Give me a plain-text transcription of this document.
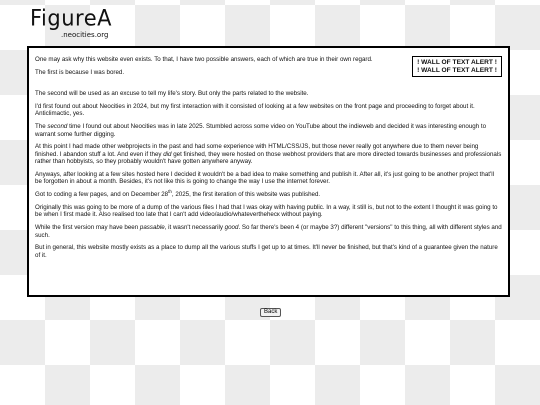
FigureA
.neocities.org
! WALL OF TEXT ALERT !
! WALL OF TEXT ALERT !

One may ask why this website even exists. To that, I have two possible answers, each of which are true in their own regard.

The first is because I was bored.

The second will be used as an excuse to tell my life's story. But only the parts related to the website.

I'd first found out about Neocities in 2024, but my first interaction with it consisted of looking at a few websites on the front page and proceeding to forget about it. Anticlimactic, yes.

The second time I found out about Neocities was in late 2025. Stumbled across some video on YouTube about the indieweb and decided it was interesting enough to warrant some further digging.

At this point I had made other webprojects in the past and had some experience with HTML/CSS/JS, but those never really got anywhere due to them never being finished. I abandon stuff a lot. And even if they did get finished, they were hosted on those webhost providers that are more directed towards businesses and professionals rather than hobbyists, so they probably wouldn't have gotten anywhere anyway.

Anyways, after looking at a few sites hosted here I decided it wouldn't be a bad idea to make something and publish it. After all, it's just going to be another project that'll be forgotten in about a month. Besides, it's not like this is going to change the way I use the internet forever.

Got to coding a few pages, and on December 28th, 2025, the first iteration of this website was published.

Originally this was going to be more of a dump of the various files I had that I was okay with having public. In a way, it still is, but not to the extent I thought it was going to be when I first made it. Also realised too late that I can't add video/audio/whateverthehecк without paying.

While the first version may have been passable, it wasn't necessarily good. So far there's been 4 (or maybe 3?) different "versions" to this thing, all with different styles and such.

But in general, this website mostly exists as a place to dump all the various stuffs I get up to at times. It'll never be finished, but that's kind of a guarantee given the nature of it.

Back
